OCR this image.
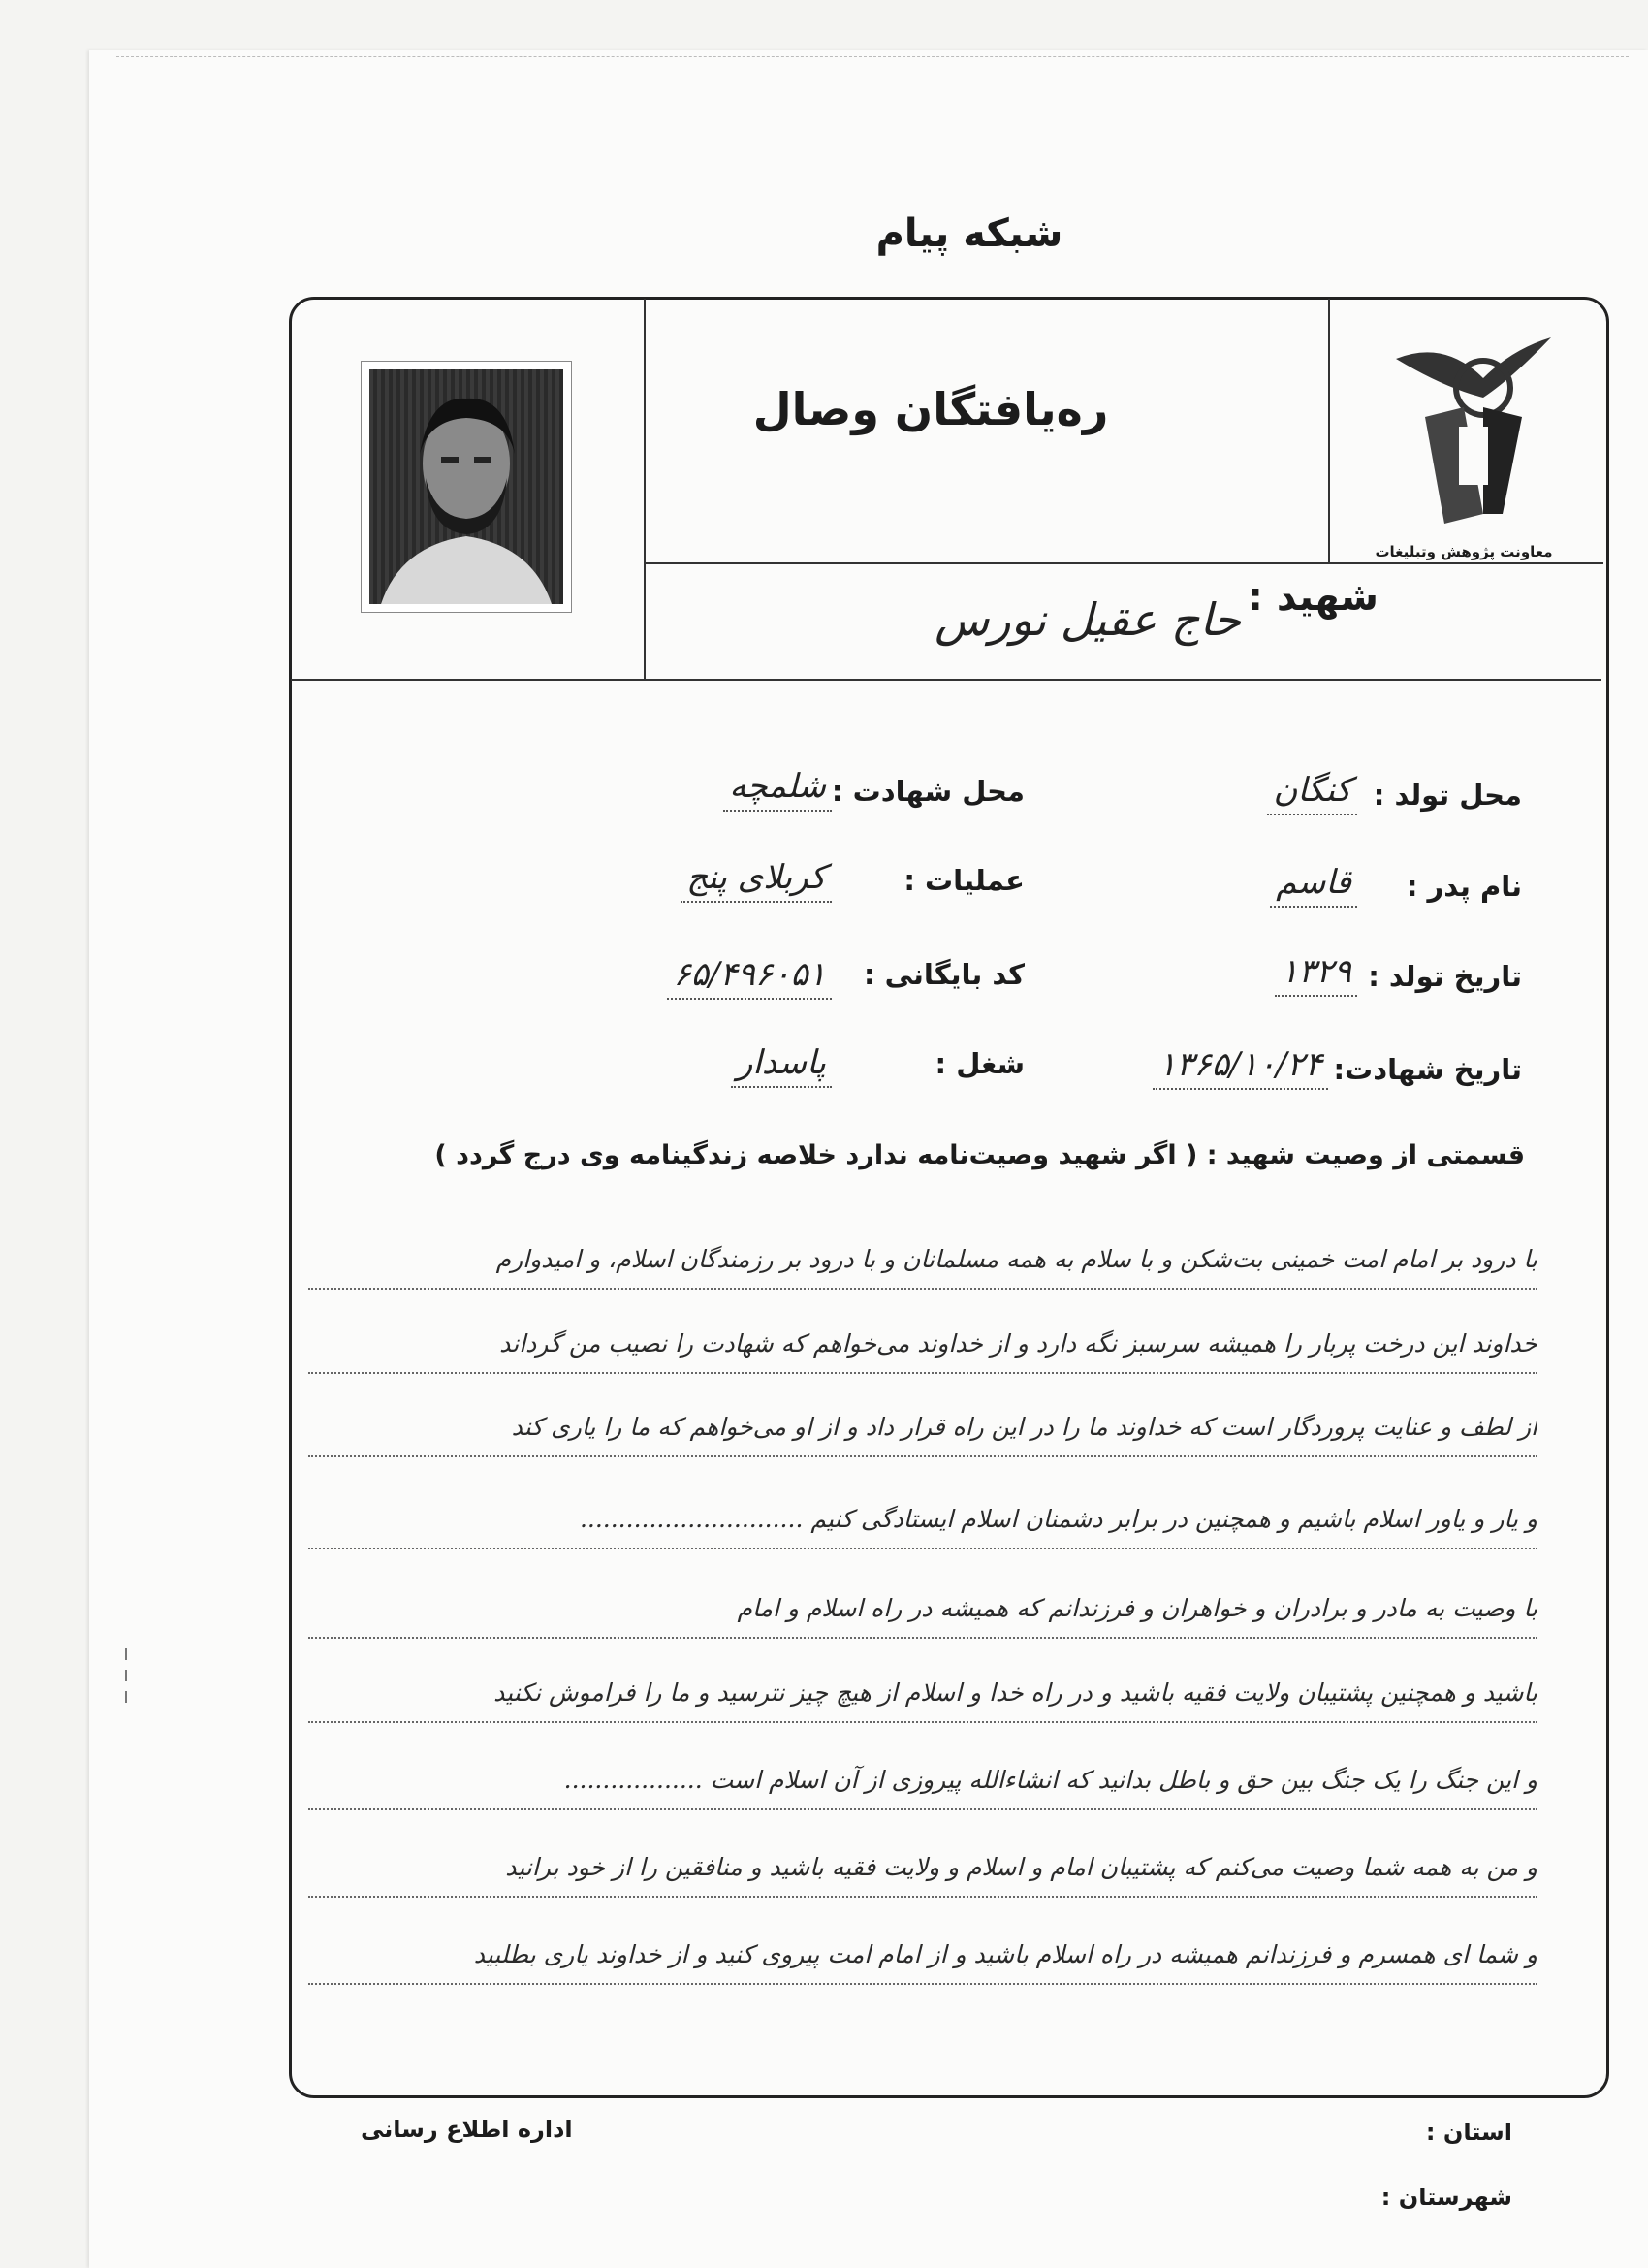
شبکه پیام
معاونت پژوهش وتبلیغات
ره‌یافتگان وصال
شهید :
حاج عقیل نورس
محل تولد :
کنگان
نام پدر :
قاسم
تاریخ تولد :
۱۳۲۹
تاریخ شهادت:
۱۳۶۵/۱۰/۲۴
محل شهادت :
شلمچه
عملیات :
کربلای پنج
کد بایگانی :
۶۵/۴۹۶۰۵۱
شغل :
پاسدار
قسمتی از وصیت شهید : ( اگر شهید وصیت‌نامه ندارد خلاصه زندگینامه وی درج گردد )
با درود بر امام امت خمینی بت‌شکن و با سلام به همه مسلمانان و با درود بر رزمندگان اسلام، و امیدوارم
خداوند این درخت پربار را همیشه سرسبز نگه دارد و از خداوند می‌خواهم که شهادت را نصیب من گرداند
از لطف و عنایت پروردگار است که خداوند ما را در این راه قرار داد و از او می‌خواهم که ما را یاری کند
و یار و یاور اسلام باشیم و همچنین در برابر دشمنان اسلام ایستادگی کنیم .............................
با وصیت به مادر و برادران و خواهران و فرزندانم که همیشه در راه اسلام و امام
باشید و همچنین پشتیبان ولایت فقیه باشید و در راه خدا و اسلام از هیچ چیز نترسید و ما را فراموش نکنید
و این جنگ را یک جنگ بین حق و باطل بدانید که انشاءالله پیروزی از آن اسلام است ..................
و من به همه شما وصیت می‌کنم که پشتیبان امام و اسلام و ولایت فقیه باشید و منافقین را از خود برانید
و شما ای همسرم و فرزندانم همیشه در راه اسلام باشید و از امام امت پیروی کنید و از خداوند یاری بطلبید
اداره اطلاع رسانی	استان :
شهرستان :
